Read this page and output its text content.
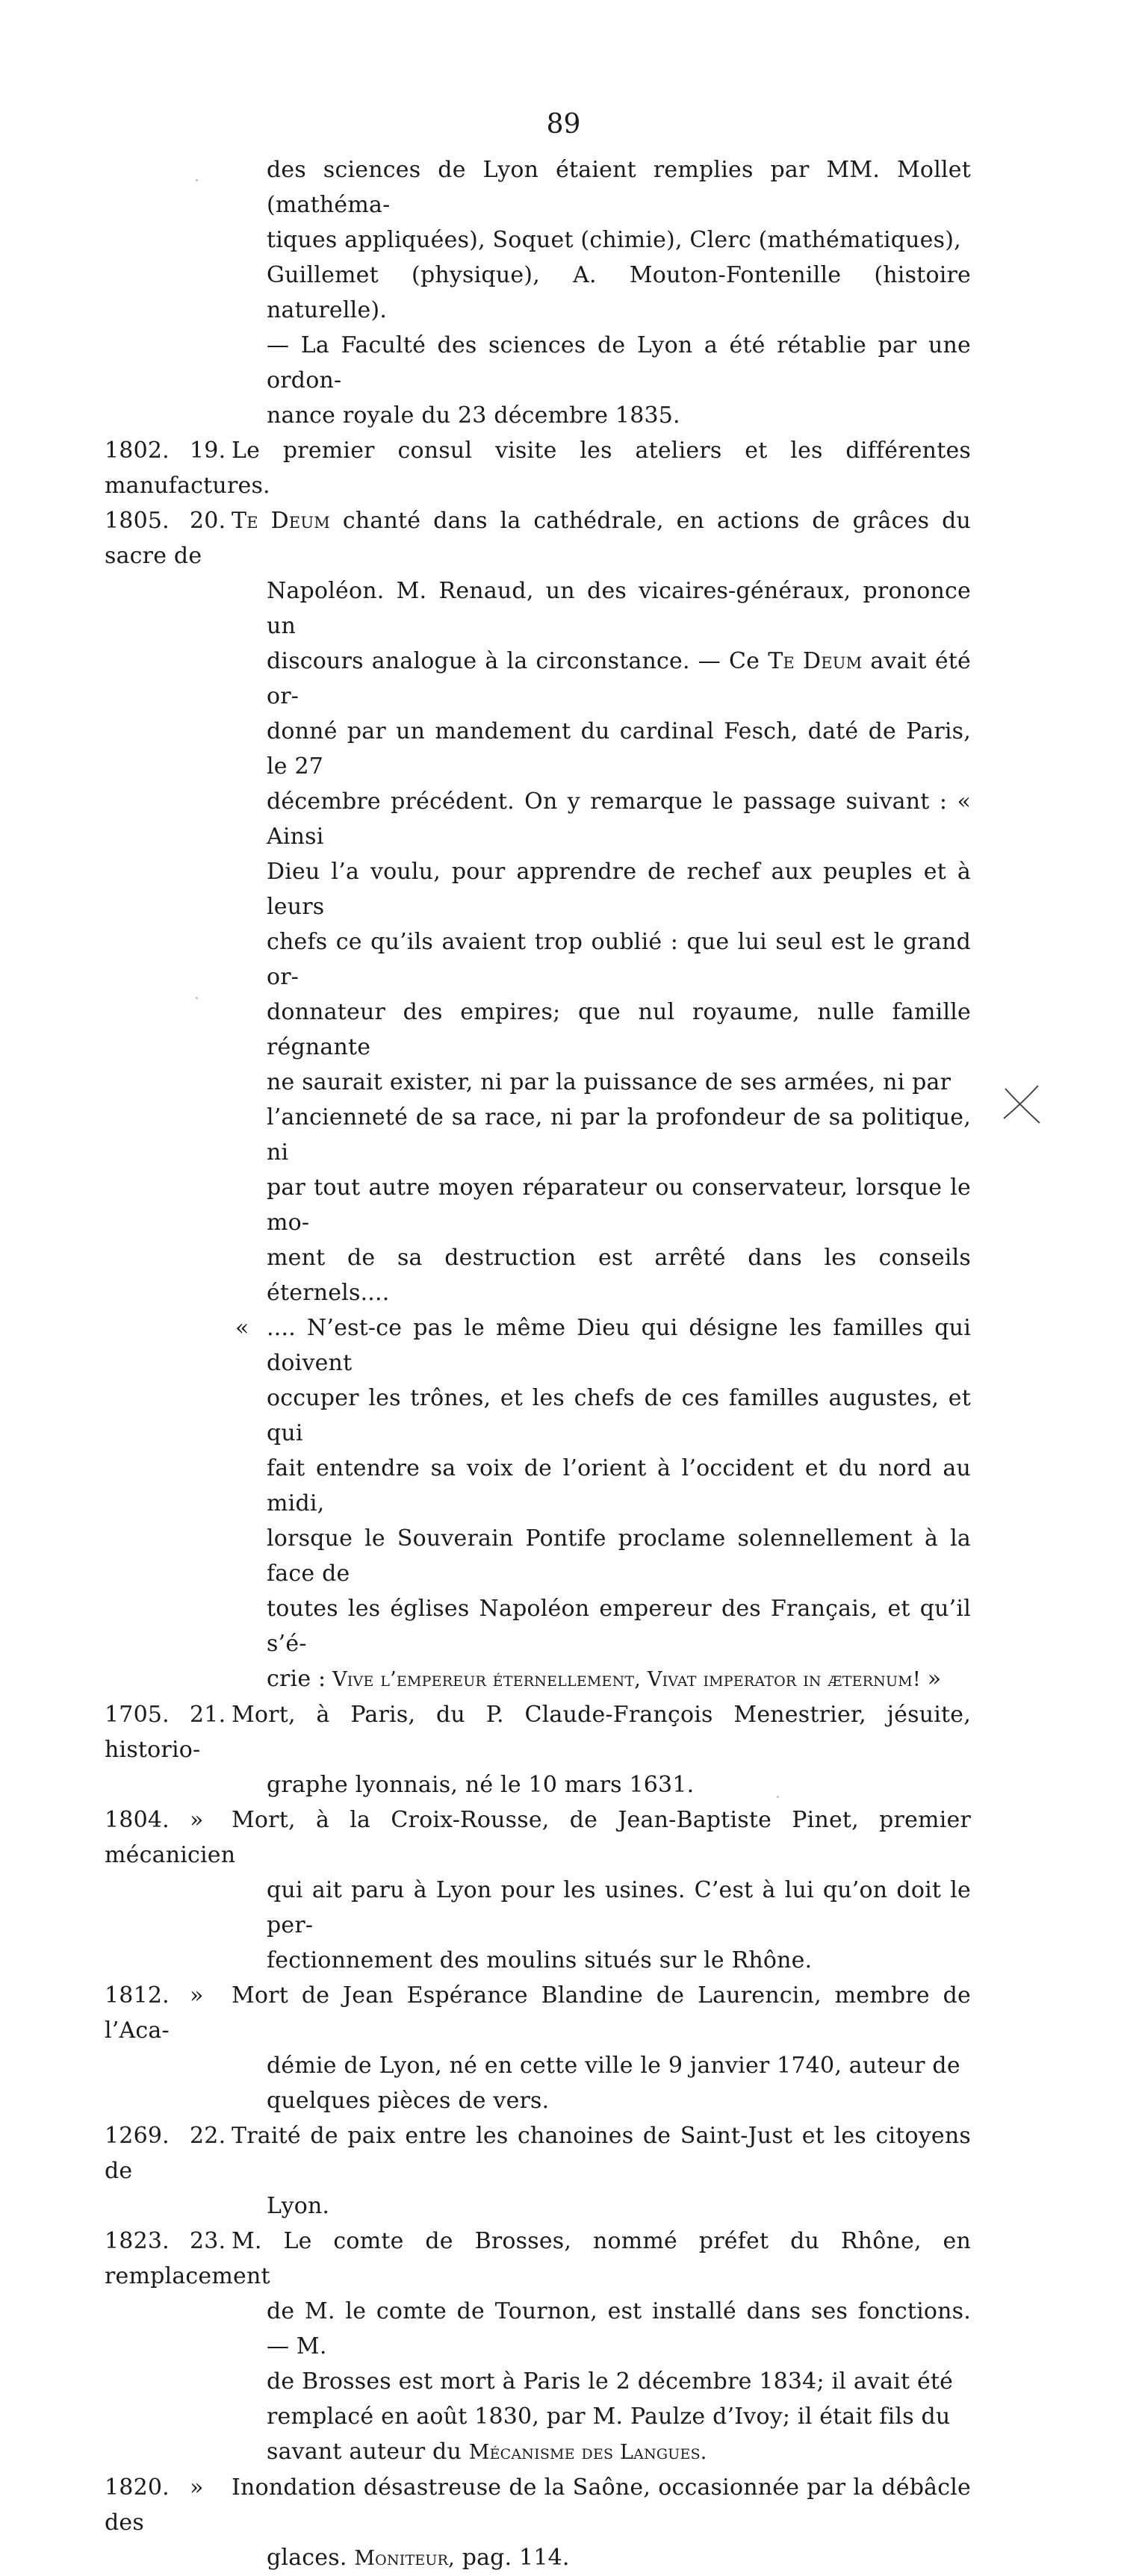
89
des sciences de Lyon étaient remplies par MM. Mollet (mathéma-
tiques appliquées), Soquet (chimie), Clerc (mathématiques),
Guillemet (physique), A. Mouton-Fontenille (histoire naturelle).
— La Faculté des sciences de Lyon a été rétablie par une ordon-
nance royale du 23 décembre 1835.
1802. 19. Le premier consul visite les ateliers et les différentes manufactures.
1805. 20. Te Deum chanté dans la cathédrale, en actions de grâces du sacre de
Napoléon. M. Renaud, un des vicaires-généraux, prononce un
discours analogue à la circonstance. — Ce Te Deum avait été or-
donné par un mandement du cardinal Fesch, daté de Paris, le 27
décembre précédent. On y remarque le passage suivant : « Ainsi
Dieu l’a voulu, pour apprendre de rechef aux peuples et à leurs
chefs ce qu’ils avaient trop oublié : que lui seul est le grand or-
donnateur des empires; que nul royaume, nulle famille régnante
ne saurait exister, ni par la puissance de ses armées, ni par
l’ancienneté de sa race, ni par la profondeur de sa politique, ni
par tout autre moyen réparateur ou conservateur, lorsque le mo-
ment de sa destruction est arrêté dans les conseils éternels....
« .... N’est-ce pas le même Dieu qui désigne les familles qui doivent
occuper les trônes, et les chefs de ces familles augustes, et qui
fait entendre sa voix de l’orient à l’occident et du nord au midi,
lorsque le Souverain Pontife proclame solennellement à la face de
toutes les églises Napoléon empereur des Français, et qu’il s’é-
crie : Vive l’empereur éternellement, Vivat imperator in æternum! »
1705. 21. Mort, à Paris, du P. Claude-François Menestrier, jésuite, historio-
graphe lyonnais, né le 10 mars 1631.
1804. » Mort, à la Croix-Rousse, de Jean-Baptiste Pinet, premier mécanicien
qui ait paru à Lyon pour les usines. C’est à lui qu’on doit le per-
fectionnement des moulins situés sur le Rhône.
1812. » Mort de Jean Espérance Blandine de Laurencin, membre de l’Aca-
démie de Lyon, né en cette ville le 9 janvier 1740, auteur de
quelques pièces de vers.
1269. 22. Traité de paix entre les chanoines de Saint-Just et les citoyens de
Lyon.
1823. 23. M. Le comte de Brosses, nommé préfet du Rhône, en remplacement
de M. le comte de Tournon, est installé dans ses fonctions. — M.
de Brosses est mort à Paris le 2 décembre 1834; il avait été
remplacé en août 1830, par M. Paulze d’Ivoy; il était fils du
savant auteur du Mécanisme des Langues.
1820. » Inondation désastreuse de la Saône, occasionnée par la débâcle des
glaces. Moniteur, pag. 114.
